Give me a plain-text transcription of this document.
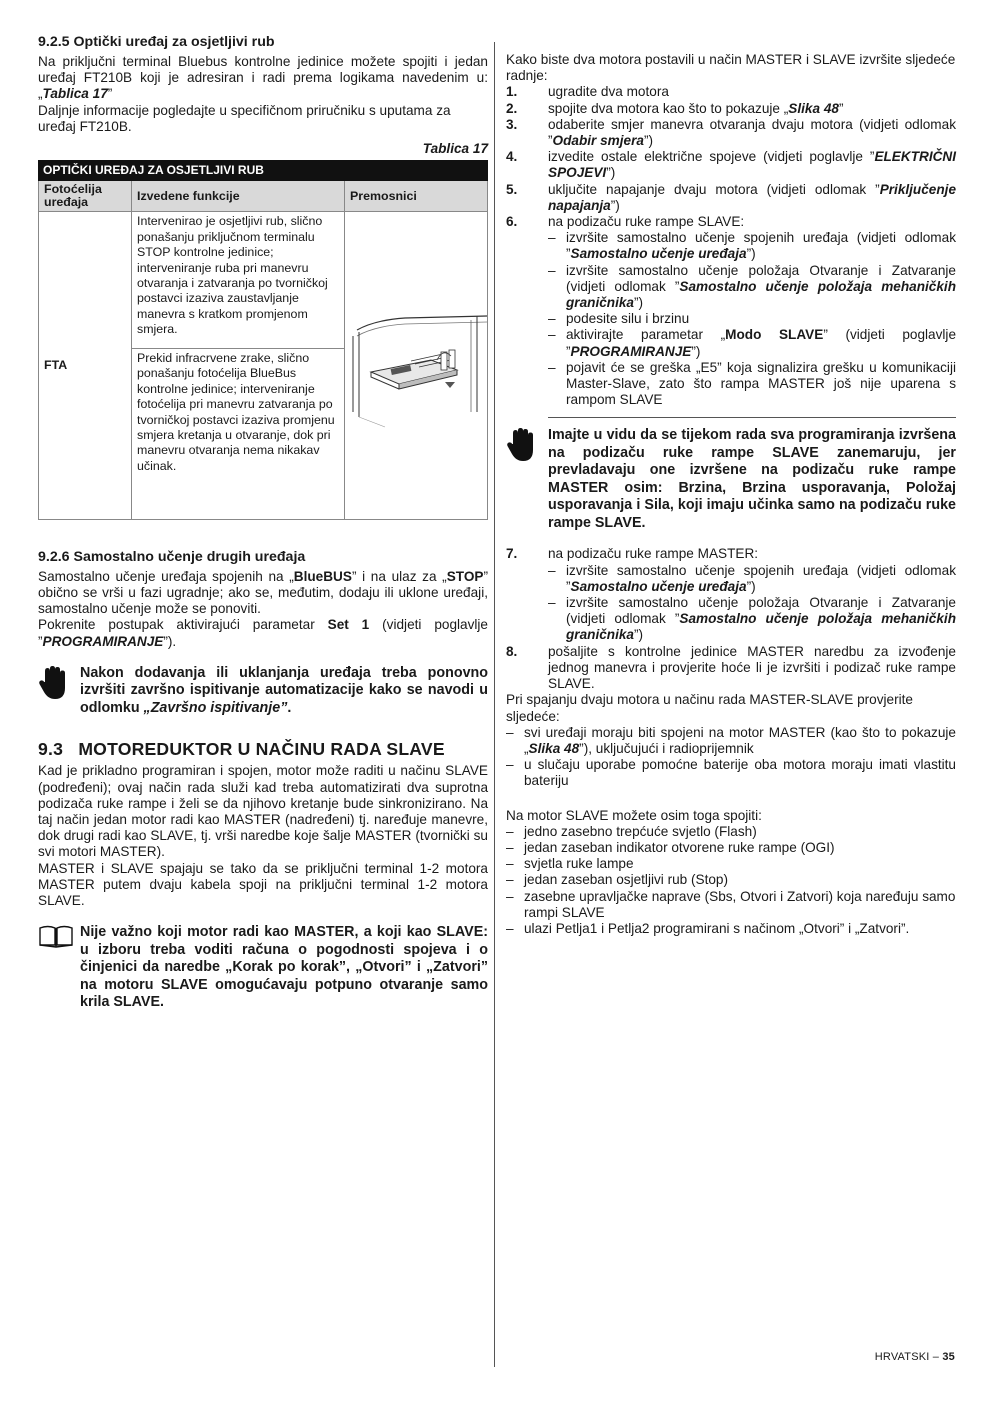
9.2.5 Optički uređaj za osjetljivi rub

Na priključni terminal Bluebus kontrolne jedinice možete spojiti i jedan uređaj FT210B koji je adresiran i radi prema logikama navedenim u: „Tablica 17”

Daljnje informacije pogledajte u specifičnom priručniku s uputama za uređaj FT210B.

Tablica 17
OPTIČKI UREĐAJ ZA OSJETLJIVI RUB		
Fotoćelija uređaja	Izvedene funkcije	Premosnici
FTA	Intervenirao je osjetljivi rub, slično ponašanju priključnom terminalu STOP kontrolne jedinice; interveniranje ruba pri manevru otvaranja i zatvaranja po tvorničkoj postavci izaziva zaustavljanje manevra s kratkom promjenom smjera.	
	Prekid infracrvene zrake, slično ponašanju fotoćelija BlueBus kontrolne jedinice; interveniranje fotoćelija pri manevru zatvaranja po tvorničkoj postavci izaziva promjenu smjera kretanja u otvaranje, dok pri manevru otvaranja nema nikakav učinak.	
9.2.6 Samostalno učenje drugih uređaja

Samostalno učenje uređaja spojenih na „BlueBUS” i na ulaz za „STOP” obično se vrši u fazi ugradnje; ako se, međutim, dodaju ili uklone uređaji, samostalno učenje može se ponoviti.

Pokrenite postupak aktivirajući parametar Set 1 (vidjeti poglavlje ”PROGRAMIRANJE”).

Nakon dodavanja ili uklanjanja uređaja treba ponovno izvršiti završno ispitivanje automatizacije kako se navodi u odlomku „Završno ispitivanje”.
9.3 MOTOREDUKTOR U NAČINU RADA SLAVE

Kad je prikladno programiran i spojen, motor može raditi u načinu SLAVE (podređeni); ovaj način rada služi kad treba automatizirati dva suprotna podizača ruke rampe i želi se da njihovo kretanje bude sinkronizirano. Na taj način jedan motor radi kao MASTER (nadređeni) tj. naređuje manevre, dok drugi radi kao SLAVE, tj. vrši naredbe koje šalje MASTER (tvornički su svi motori MASTER).

MASTER i SLAVE spajaju se tako da se priključni terminal 1-2 motora MASTER putem dvaju kabela spoji na priključni terminal 1-2 motora SLAVE.

Nije važno koji motor radi kao MASTER, a koji kao SLAVE: u izboru treba voditi računa o pogodnosti spojeva i o činjenici da naredbe „Korak po korak”, „Otvori” i „Zatvori” na motoru SLAVE omogućavaju potpuno otvaranje samo krila SLAVE.

Kako biste dva motora postavili u način MASTER i SLAVE izvršite sljedeće radnje:

1.	ugradite dva motora
2.	spojite dva motora kao što to pokazuje „Slika 48”
3.	odaberite smjer manevra otvaranja dvaju motora (vidjeti odlomak ”Odabir smjera”)
4.	izvedite ostale električne spojeve (vidjeti poglavlje ”ELEKTRIČNI SPOJEVI”)
5.	uključite napajanje dvaju motora (vidjeti odlomak ”Priključenje napajanja”)
6.	na podizaču ruke rampe SLAVE:
– izvršite samostalno učenje spojenih uređaja (vidjeti odlomak ”Samostalno učenje uređaja”)
– izvršite samostalno učenje položaja Otvaranje i Zatvaranje (vidjeti odlomak ”Samostalno učenje položaja mehaničkih graničnika”)
– podesite silu i brzinu
– aktivirajte parametar „Modo SLAVE” (vidjeti poglavlje ”PROGRAMIRANJE”)
– pojavit će se greška „E5” koja signalizira grešku u komunikaciji Master-Slave, zato što rampa MASTER još nije uparena s rampom SLAVE
Imajte u vidu da se tijekom rada sva programiranja izvršena na podizaču ruke rampe SLAVE zanemaruju, jer prevladavaju one izvršene na podizaču ruke rampe MASTER osim: Brzina, Brzina usporavanja, Položaj usporavanja i Sila, koji imaju učinka samo na podizaču ruke rampe SLAVE.
7.	na podizaču ruke rampe MASTER:
– izvršite samostalno učenje spojenih uređaja (vidjeti odlomak ”Samostalno učenje uređaja”)
– izvršite samostalno učenje položaja Otvaranje i Zatvaranje (vidjeti odlomak ”Samostalno učenje položaja mehaničkih graničnika”)
8.	pošaljite s kontrolne jedinice MASTER naredbu za izvođenje jednog manevra i provjerite hoće li je izvršiti i podizač ruke rampe SLAVE.

Pri spajanju dvaju motora u načinu rada MASTER-SLAVE provjerite sljedeće:

– svi uređaji moraju biti spojeni na motor MASTER (kao što to pokazuje „Slika 48”), uključujući i radioprijemnik
– u slučaju uporabe pomoćne baterije oba motora moraju imati vlastitu bateriju

Na motor SLAVE možete osim toga spojiti:

– jedno zasebno trepćuće svjetlo (Flash)
– jedan zaseban indikator otvorene ruke rampe (OGI)
– svjetla ruke lampe
– jedan zaseban osjetljivi rub (Stop)
– zasebne upravljačke naprave (Sbs, Otvori i Zatvori) koja naređuju samo rampi SLAVE
– ulazi Petlja1 i Petlja2 programirani s načinom „Otvori” i „Zatvori”.
HRVATSKI – 35
